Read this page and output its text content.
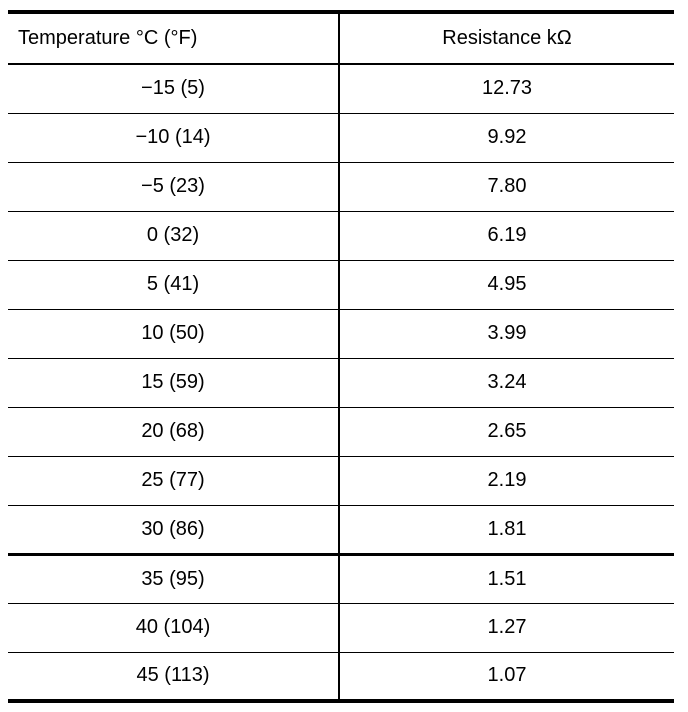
Temperature °C (°F)	Resistance kΩ
−15 (5)	12.73
−10 (14)	9.92
−5 (23)	7.80
0 (32)	6.19
5 (41)	4.95
10 (50)	3.99
15 (59)	3.24
20 (68)	2.65
25 (77)	2.19
30 (86)	1.81
35 (95)	1.51
40 (104)	1.27
45 (113)	1.07
